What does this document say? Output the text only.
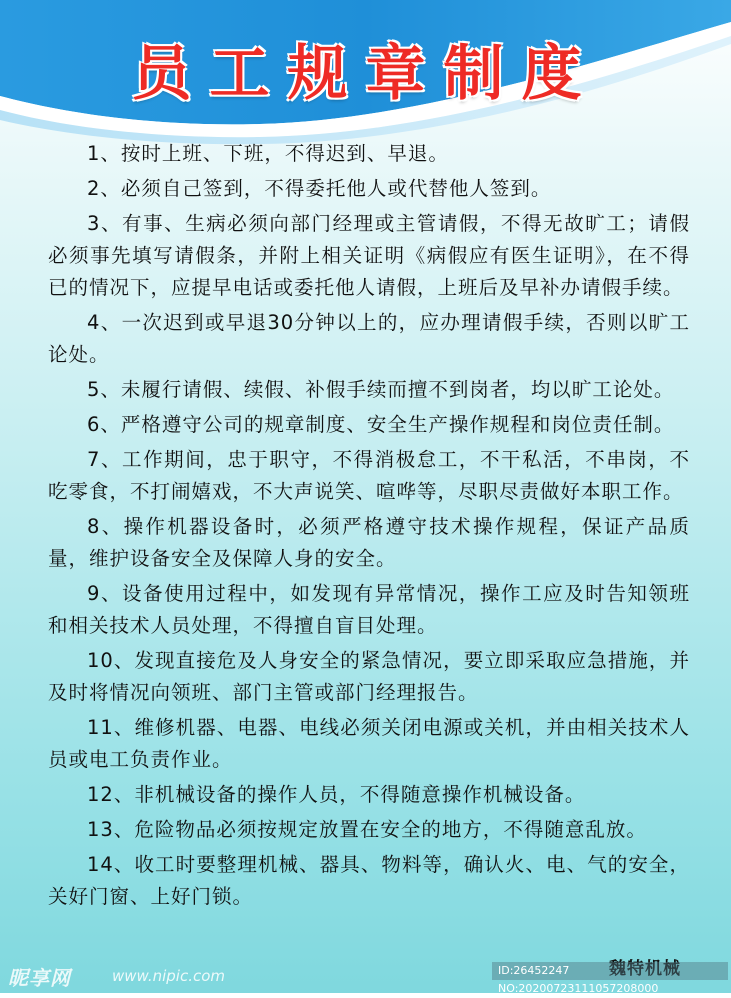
员工规章制度

1、按时上班、下班，不得迟到、早退。

2、必须自己签到，不得委托他人或代替他人签到。

3、有事、生病必须向部门经理或主管请假，不得无故旷工；请假必须事先填写请假条，并附上相关证明《病假应有医生证明》，在不得已的情况下，应提早电话或委托他人请假，上班后及早补办请假手续。

4、一次迟到或早退30分钟以上的，应办理请假手续，否则以旷工论处。

5、未履行请假、续假、补假手续而擅不到岗者，均以旷工论处。

6、严格遵守公司的规章制度、安全生产操作规程和岗位责任制。

7、工作期间，忠于职守，不得消极怠工，不干私活，不串岗，不吃零食，不打闹嬉戏，不大声说笑、喧哗等，尽职尽责做好本职工作。

8、操作机器设备时，必须严格遵守技术操作规程，保证产品质量，维护设备安全及保障人身的安全。

9、设备使用过程中，如发现有异常情况，操作工应及时告知领班和相关技术人员处理，不得擅自盲目处理。

10、发现直接危及人身安全的紧急情况，要立即采取应急措施，并及时将情况向领班、部门主管或部门经理报告。

11、维修机器、电器、电线必须关闭电源或关机，并由相关技术人员或电工负责作业。

12、非机械设备的操作人员，不得随意操作机械设备。

13、危险物品必须按规定放置在安全的地方，不得随意乱放。

14、收工时要整理机械、器具、物料等，确认火、电、气的安全，关好门窗、上好门锁。

魏特机械
昵享网	www.nipic.com	ID:26452247 NO:20200723111057208000
